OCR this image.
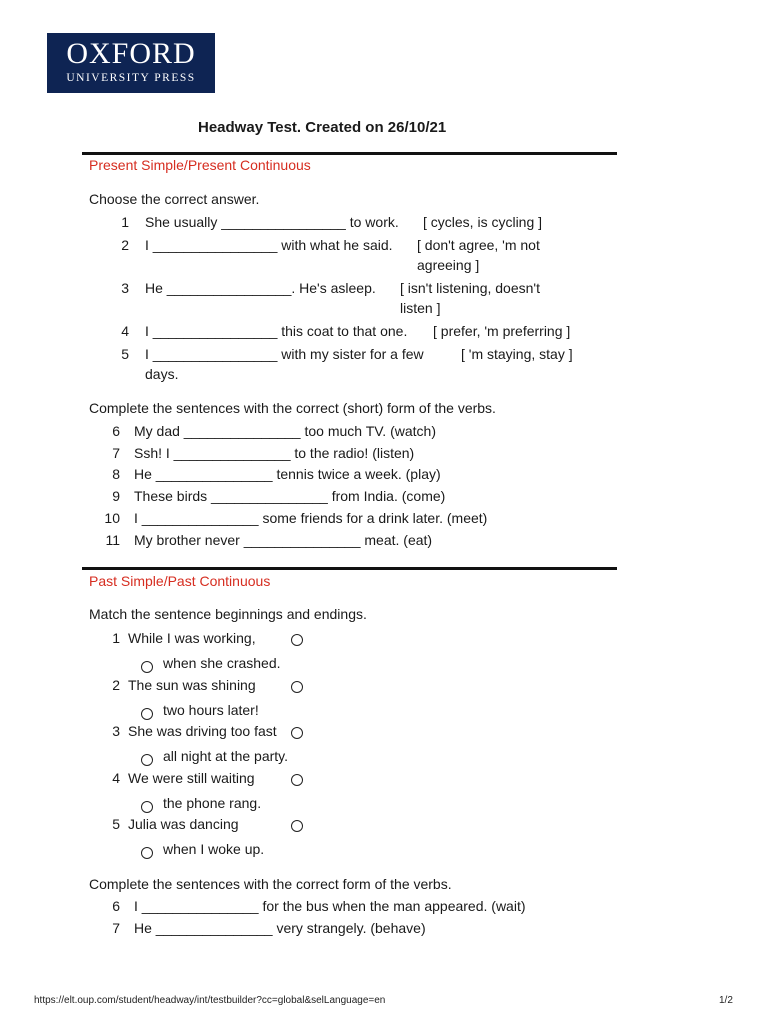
OXFORD
UNIVERSITY PRESS
Headway Test. Created on 26/10/21
Present Simple/Present Continuous
Choose the correct answer.
1 She usually ________________ to work. [ cycles, is cycling ]
2 I ________________ with what he said. [ don't agree, 'm not
agreeing ]
3 He ________________. He's asleep. [ isn't listening, doesn't
listen ]
4 I ________________ this coat to that one. [ prefer, 'm preferring ]
5 I ________________ with my sister for a few
days.
[ 'm staying, stay ]
Complete the sentences with the correct (short) form of the verbs.
6 My dad _______________ too much TV. (watch)
7 Ssh! I _______________ to the radio! (listen)
8 He _______________ tennis twice a week. (play)
9 These birds _______________ from India. (come)
10 I _______________ some friends for a drink later. (meet)
11 My brother never _______________ meat. (eat)
Past Simple/Past Continuous
Match the sentence beginnings and endings.
1 While I was working,
when she crashed.
2 The sun was shining
two hours later!
3 She was driving too fast
all night at the party.
4 We were still waiting
the phone rang.
5 Julia was dancing
when I woke up.
Complete the sentences with the correct form of the verbs.
6 I _______________ for the bus when the man appeared. (wait)
7 He _______________ very strangely. (behave)
https://elt.oup.com/student/headway/int/testbuilder?cc=global&selLanguage=en	1/2
